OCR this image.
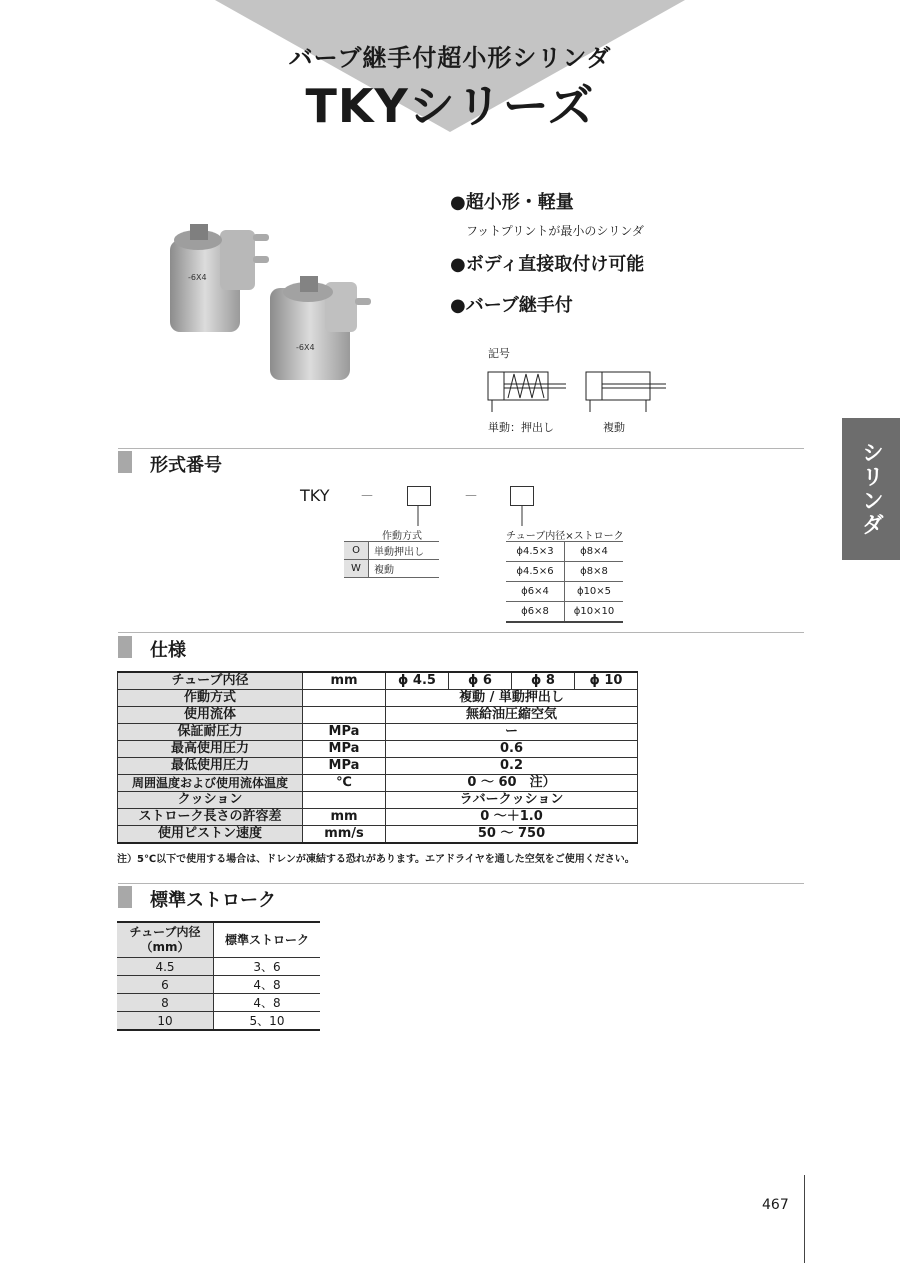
バーブ継手付超小形シリンダ
TKYシリーズ
-6X4
-6X4
●超小形・軽量
フットプリントが最小のシリンダ
●ボディ直接取付け可能
●バーブ継手付
記号
単動：押出し	複動
シリンダ
形式番号
TKY －	－
作動方式
O	単動押出し
W	複動
チューブ内径×ストローク
ϕ4.5×3	ϕ8×4
ϕ4.5×6	ϕ8×8
ϕ6×4	ϕ10×5
ϕ6×8	ϕ10×10
仕様
チューブ内径	mm	ϕ 4.5	ϕ 6	ϕ 8	ϕ 10
作動方式		複動 / 単動押出し			
使用流体		無給油圧縮空気			
保証耐圧力	MPa	ー			
最高使用圧力	MPa	0.6			
最低使用圧力	MPa	0.2			
周囲温度および使用流体温度	℃	0 ～ 60　注）			
クッション		ラバークッション			
ストローク長さの許容差	mm	0 ～＋1.0			
使用ピストン速度	mm/s	50 ～ 750			
注）5℃以下で使用する場合は、ドレンが凍結する恐れがあります。エアドライヤを通した空気をご使用ください。
標準ストローク
チューブ内径
（mm）	標準ストローク
4.5	3、6
6	4、8
8	4、8
10	5、10
467
